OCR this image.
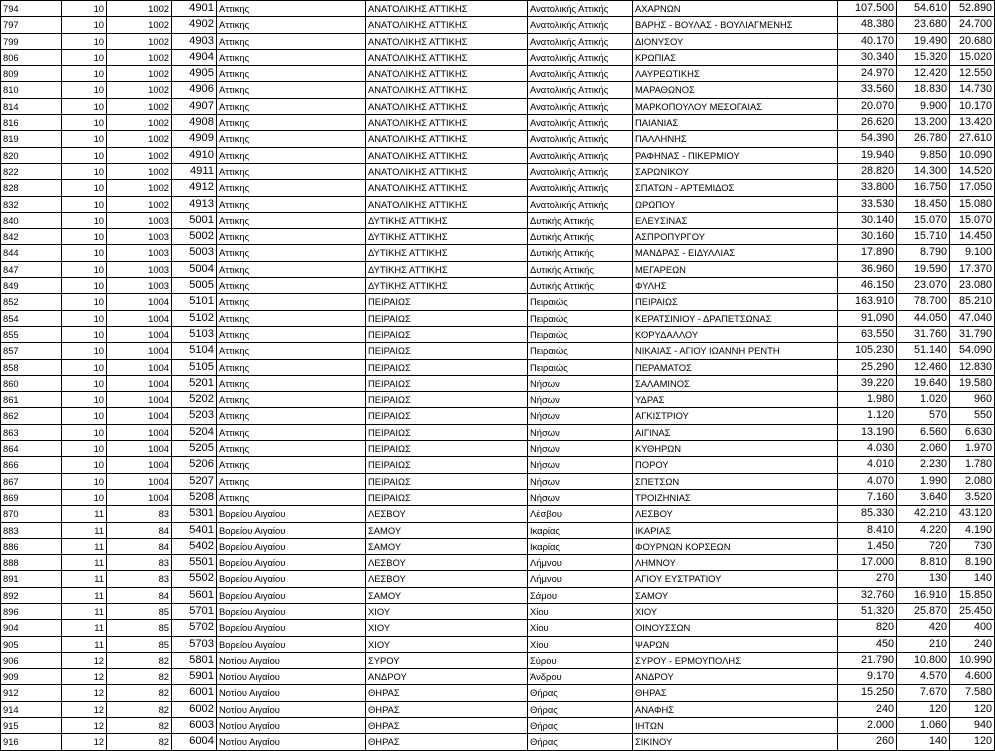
794	10	1002	4901	Αττικης	ΑΝΑΤΟΛΙΚΗΣ ΑΤΤΙΚΗΣ	Ανατολικής Αττικής	ΑΧΑΡΝΩΝ	107.500	54.610	52.890
797	10	1002	4902	Αττικης	ΑΝΑΤΟΛΙΚΗΣ ΑΤΤΙΚΗΣ	Ανατολικής Αττικής	ΒΑΡΗΣ - ΒΟΥΛΑΣ - ΒΟΥΛΙΑΓΜΕΝΗΣ	48.380	23.680	24.700
799	10	1002	4903	Αττικης	ΑΝΑΤΟΛΙΚΗΣ ΑΤΤΙΚΗΣ	Ανατολικής Αττικής	ΔΙΟΝΥΣΟΥ	40.170	19.490	20.680
806	10	1002	4904	Αττικης	ΑΝΑΤΟΛΙΚΗΣ ΑΤΤΙΚΗΣ	Ανατολικής Αττικής	ΚΡΩΠΙΑΣ	30.340	15.320	15.020
809	10	1002	4905	Αττικης	ΑΝΑΤΟΛΙΚΗΣ ΑΤΤΙΚΗΣ	Ανατολικής Αττικής	ΛΑΥΡΕΩΤΙΚΗΣ	24.970	12.420	12.550
810	10	1002	4906	Αττικης	ΑΝΑΤΟΛΙΚΗΣ ΑΤΤΙΚΗΣ	Ανατολικής Αττικής	ΜΑΡΑΘΩΝΟΣ	33.560	18.830	14.730
814	10	1002	4907	Αττικης	ΑΝΑΤΟΛΙΚΗΣ ΑΤΤΙΚΗΣ	Ανατολικής Αττικής	ΜΑΡΚΟΠΟΥΛΟΥ ΜΕΣΟΓΑΙΑΣ	20.070	9.900	10.170
816	10	1002	4908	Αττικης	ΑΝΑΤΟΛΙΚΗΣ ΑΤΤΙΚΗΣ	Ανατολικής Αττικής	ΠΑΙΑΝΙΑΣ	26.620	13.200	13.420
819	10	1002	4909	Αττικης	ΑΝΑΤΟΛΙΚΗΣ ΑΤΤΙΚΗΣ	Ανατολικής Αττικής	ΠΑΛΛΗΝΗΣ	54.390	26.780	27.610
820	10	1002	4910	Αττικης	ΑΝΑΤΟΛΙΚΗΣ ΑΤΤΙΚΗΣ	Ανατολικής Αττικής	ΡΑΦΗΝΑΣ - ΠΙΚΕΡΜΙΟΥ	19.940	9.850	10.090
822	10	1002	4911	Αττικης	ΑΝΑΤΟΛΙΚΗΣ ΑΤΤΙΚΗΣ	Ανατολικής Αττικής	ΣΑΡΩΝΙΚΟΥ	28.820	14.300	14.520
828	10	1002	4912	Αττικης	ΑΝΑΤΟΛΙΚΗΣ ΑΤΤΙΚΗΣ	Ανατολικής Αττικής	ΣΠΑΤΩΝ - ΑΡΤΕΜΙΔΟΣ	33.800	16.750	17.050
832	10	1002	4913	Αττικης	ΑΝΑΤΟΛΙΚΗΣ ΑΤΤΙΚΗΣ	Ανατολικής Αττικής	ΩΡΩΠΟΥ	33.530	18.450	15.080
840	10	1003	5001	Αττικης	ΔΥΤΙΚΗΣ ΑΤΤΙΚΗΣ	Δυτικής Αττικής	ΕΛΕΥΣΙΝΑΣ	30.140	15.070	15.070
842	10	1003	5002	Αττικης	ΔΥΤΙΚΗΣ ΑΤΤΙΚΗΣ	Δυτικής Αττικής	ΑΣΠΡΟΠΥΡΓΟΥ	30.160	15.710	14.450
844	10	1003	5003	Αττικης	ΔΥΤΙΚΗΣ ΑΤΤΙΚΗΣ	Δυτικής Αττικής	ΜΑΝΔΡΑΣ - ΕΙΔΥΛΛΙΑΣ	17.890	8.790	9.100
847	10	1003	5004	Αττικης	ΔΥΤΙΚΗΣ ΑΤΤΙΚΗΣ	Δυτικής Αττικής	ΜΕΓΑΡΕΩΝ	36.960	19.590	17.370
849	10	1003	5005	Αττικης	ΔΥΤΙΚΗΣ ΑΤΤΙΚΗΣ	Δυτικής Αττικής	ΦΥΛΗΣ	46.150	23.070	23.080
852	10	1004	5101	Αττικης	ΠΕΙΡΑΙΩΣ	Πειραιώς	ΠΕΙΡΑΙΩΣ	163.910	78.700	85.210
854	10	1004	5102	Αττικης	ΠΕΙΡΑΙΩΣ	Πειραιώς	ΚΕΡΑΤΣΙΝΙΟΥ - ΔΡΑΠΕΤΣΩΝΑΣ	91.090	44.050	47.040
855	10	1004	5103	Αττικης	ΠΕΙΡΑΙΩΣ	Πειραιώς	ΚΟΡΥΔΑΛΛΟΥ	63.550	31.760	31.790
857	10	1004	5104	Αττικης	ΠΕΙΡΑΙΩΣ	Πειραιώς	ΝΙΚΑΙΑΣ - ΑΓΙΟΥ ΙΩΑΝΝΗ ΡΕΝΤΗ	105.230	51.140	54.090
858	10	1004	5105	Αττικης	ΠΕΙΡΑΙΩΣ	Πειραιώς	ΠΕΡΑΜΑΤΟΣ	25.290	12.460	12.830
860	10	1004	5201	Αττικης	ΠΕΙΡΑΙΩΣ	Νήσων	ΣΑΛΑΜΙΝΟΣ	39.220	19.640	19.580
861	10	1004	5202	Αττικης	ΠΕΙΡΑΙΩΣ	Νήσων	ΥΔΡΑΣ	1.980	1.020	960
862	10	1004	5203	Αττικης	ΠΕΙΡΑΙΩΣ	Νήσων	ΑΓΚΙΣΤΡΙΟΥ	1.120	570	550
863	10	1004	5204	Αττικης	ΠΕΙΡΑΙΩΣ	Νήσων	ΑΙΓΙΝΑΣ	13.190	6.560	6.630
864	10	1004	5205	Αττικης	ΠΕΙΡΑΙΩΣ	Νήσων	ΚΥΘΗΡΩΝ	4.030	2.060	1.970
866	10	1004	5206	Αττικης	ΠΕΙΡΑΙΩΣ	Νήσων	ΠΟΡΟΥ	4.010	2.230	1.780
867	10	1004	5207	Αττικης	ΠΕΙΡΑΙΩΣ	Νήσων	ΣΠΕΤΣΩΝ	4.070	1.990	2.080
869	10	1004	5208	Αττικης	ΠΕΙΡΑΙΩΣ	Νήσων	ΤΡΟΙΖΗΝΙΑΣ	7.160	3.640	3.520
870	11	83	5301	Βορείου Αιγαίου	ΛΕΣΒΟΥ	Λέσβου	ΛΕΣΒΟΥ	85.330	42.210	43.120
883	11	84	5401	Βορείου Αιγαίου	ΣΑΜΟΥ	Ικαρίας	ΙΚΑΡΙΑΣ	8.410	4.220	4.190
886	11	84	5402	Βορείου Αιγαίου	ΣΑΜΟΥ	Ικαρίας	ΦΟΥΡΝΩΝ ΚΟΡΣΕΩΝ	1.450	720	730
888	11	83	5501	Βορείου Αιγαίου	ΛΕΣΒΟΥ	Λήμνου	ΛΗΜΝΟΥ	17.000	8.810	8.190
891	11	83	5502	Βορείου Αιγαίου	ΛΕΣΒΟΥ	Λήμνου	ΑΓΙΟΥ ΕΥΣΤΡΑΤΙΟΥ	270	130	140
892	11	84	5601	Βορείου Αιγαίου	ΣΑΜΟΥ	Σάμου	ΣΑΜΟΥ	32.760	16.910	15.850
896	11	85	5701	Βορείου Αιγαίου	ΧΙΟΥ	Χίου	ΧΙΟΥ	51.320	25.870	25.450
904	11	85	5702	Βορείου Αιγαίου	ΧΙΟΥ	Χίου	ΟΙΝΟΥΣΣΩΝ	820	420	400
905	11	85	5703	Βορείου Αιγαίου	ΧΙΟΥ	Χίου	ΨΑΡΩΝ	450	210	240
906	12	82	5801	Νοτίου Αιγαίου	ΣΥΡΟΥ	Σύρου	ΣΥΡΟΥ - ΕΡΜΟΥΠΟΛΗΣ	21.790	10.800	10.990
909	12	82	5901	Νοτίου Αιγαίου	ΑΝΔΡΟΥ	Άνδρου	ΑΝΔΡΟΥ	9.170	4.570	4.600
912	12	82	6001	Νοτίου Αιγαίου	ΘΗΡΑΣ	Θήρας	ΘΗΡΑΣ	15.250	7.670	7.580
914	12	82	6002	Νοτίου Αιγαίου	ΘΗΡΑΣ	Θήρας	ΑΝΑΦΗΣ	240	120	120
915	12	82	6003	Νοτίου Αιγαίου	ΘΗΡΑΣ	Θήρας	ΙΗΤΩΝ	2.000	1.060	940
916	12	82	6004	Νοτίου Αιγαίου	ΘΗΡΑΣ	Θήρας	ΣΙΚΙΝΟΥ	260	140	120
